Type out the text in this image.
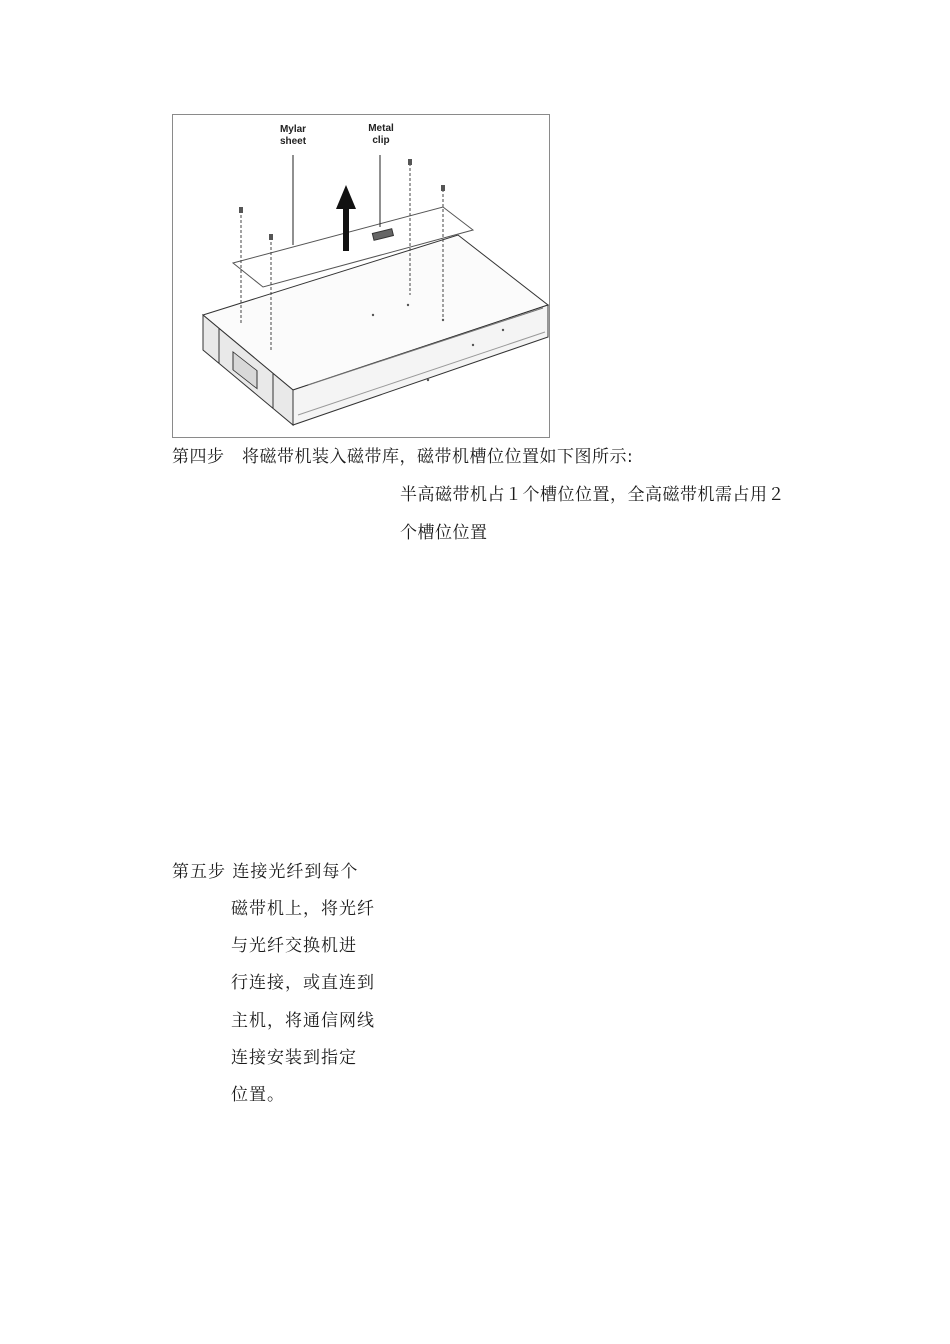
Mylar
sheet
Metal
clip
第四步　将磁带机装入磁带库，磁带机槽位位置如下图所示:
半高磁带机占１个槽位位置，全高磁带机需占用２
个槽位位置
第五步 连接光纤到每个
磁带机上，将光纤
与光纤交换机进
行连接，或直连到
主机，将通信网线
连接安装到指定
位置。
